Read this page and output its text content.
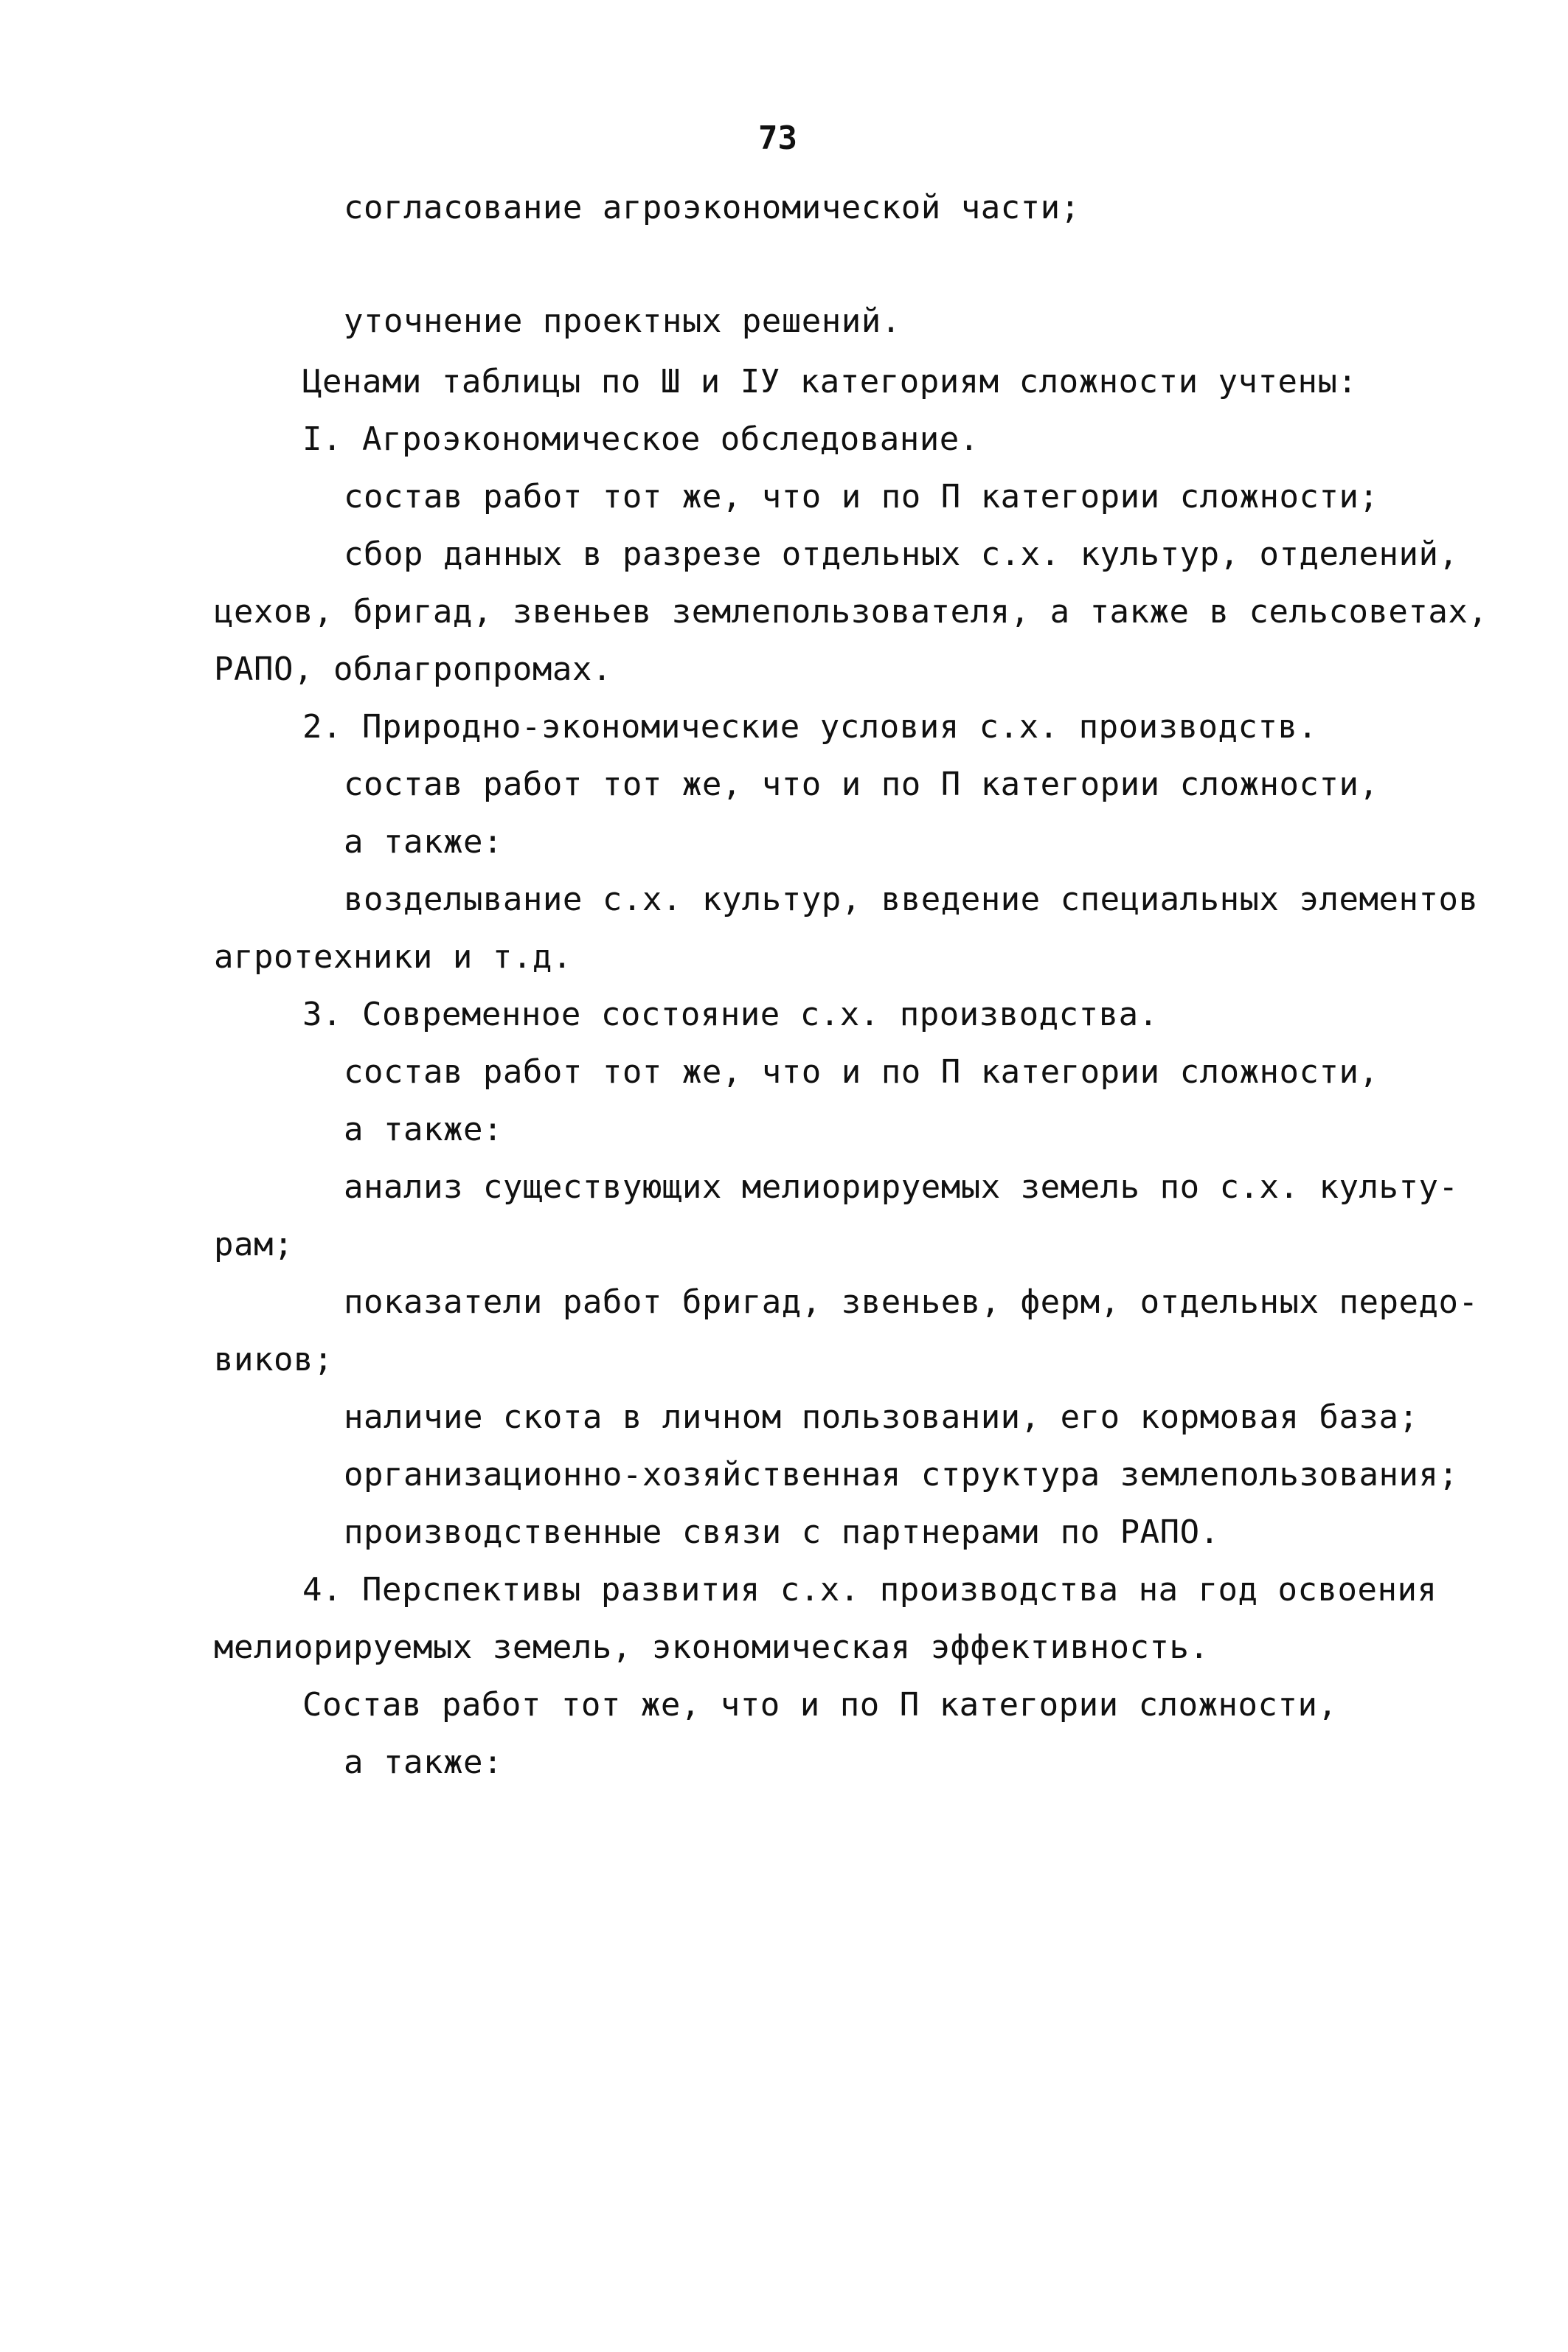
73
согласование агроэкономической части;
уточнение проектных решений.
Ценами таблицы по Ш и IУ категориям сложности учтены:
I. Агроэкономическое обследование.
состав работ тот же, что и по П категории сложности;
сбор данных в разрезе отдельных с.х. культур, отделений,
цехов, бригад, звеньев землепользователя, а также в сельсоветах,
РАПО, облагропромах.
2. Природно-экономические условия с.х. производств.
состав работ тот же, что и по П категории сложности,
а также:
возделывание с.х. культур, введение специальных элементов
агротехники и т.д.
3. Современное состояние с.х. производства.
состав работ тот же, что и по П категории сложности,
а также:
анализ существующих мелиорируемых земель по с.х. культу-
рам;
показатели работ бригад, звеньев, ферм, отдельных передо-
виков;
наличие скота в личном пользовании, его кормовая база;
организационно-хозяйственная структура землепользования;
производственные связи с партнерами по РАПО.
4. Перспективы развития с.х. производства на год освоения
мелиорируемых земель, экономическая эффективность.
Состав работ тот же, что и по П категории сложности,
а также:
